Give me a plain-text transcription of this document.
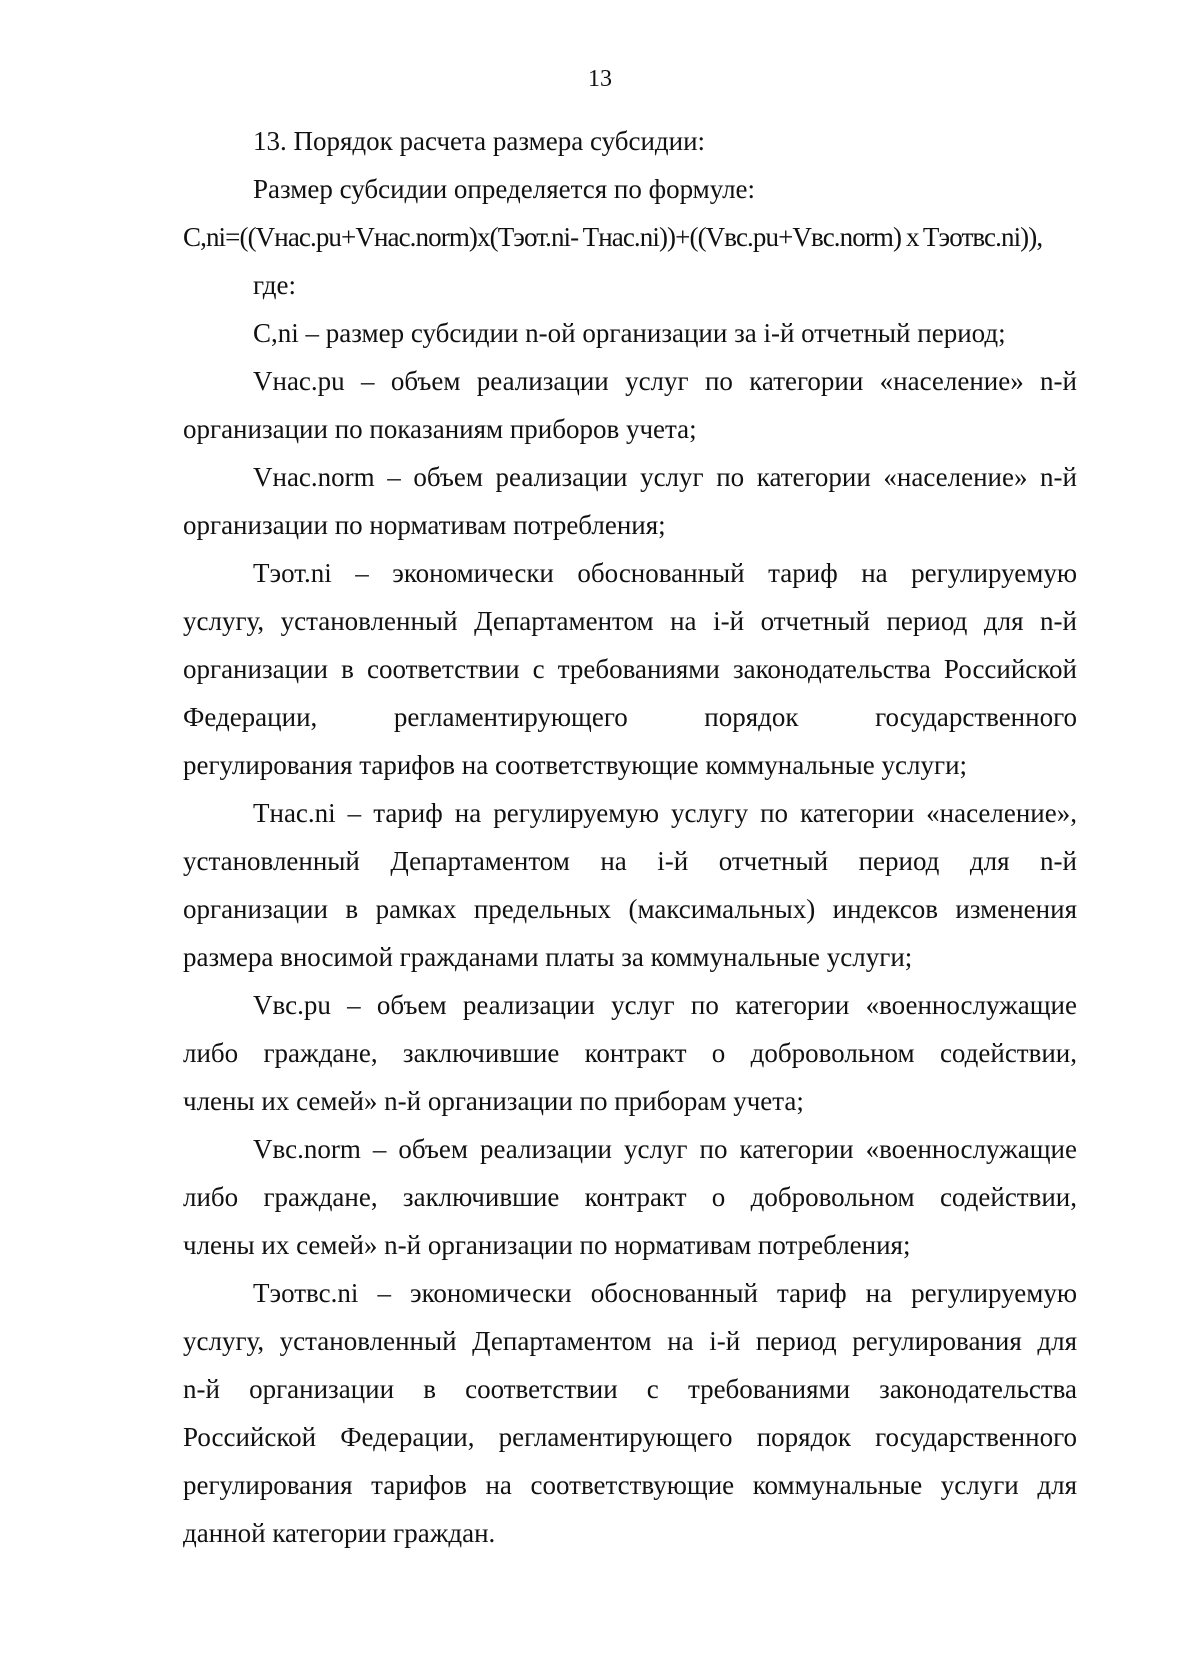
13
13. Порядок расчета размера субсидии:
Размер субсидии определяется по формуле:
C,ni=((Vнас.pu+Vнас.norm)x(Tэот.ni- Tнас.ni))+((Vвс.pu+Vвс.norm) x Tэотвс.ni)),
где:
C,ni – размер субсидии n-ой организации за i-й отчетный период;
Vнас.pu – объем реализации услуг по категории «население» n-й
организации по показаниям приборов учета;
Vнас.norm – объем реализации услуг по категории «население» n-й
организации по нормативам потребления;
Tэот.ni – экономически обоснованный тариф на регулируемую
услугу, установленный Департаментом на i-й отчетный период для n-й
организации в соответствии с требованиями законодательства Российской
Федерации, регламентирующего порядок государственного
регулирования тарифов на соответствующие коммунальные услуги;
Tнас.ni – тариф на регулируемую услугу по категории «население»,
установленный Департаментом на i-й отчетный период для n-й
организации в рамках предельных (максимальных) индексов изменения
размера вносимой гражданами платы за коммунальные услуги;
Vвс.pu – объем реализации услуг по категории «военнослужащие
либо граждане, заключившие контракт о добровольном содействии,
члены их семей» n-й организации по приборам учета;
Vвс.norm – объем реализации услуг по категории «военнослужащие
либо граждане, заключившие контракт о добровольном содействии,
члены их семей» n-й организации по нормативам потребления;
Tэотвс.ni – экономически обоснованный тариф на регулируемую
услугу, установленный Департаментом на i-й период регулирования для
n-й организации в соответствии с требованиями законодательства
Российской Федерации, регламентирующего порядок государственного
регулирования тарифов на соответствующие коммунальные услуги для
данной категории граждан.
